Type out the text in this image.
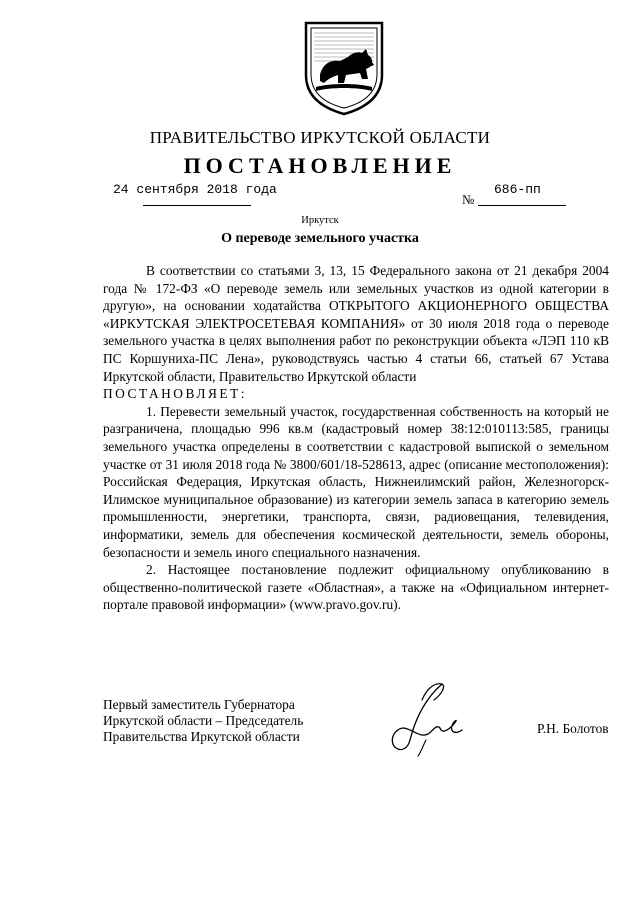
ПРАВИТЕЛЬСТВО ИРКУТСКОЙ ОБЛАСТИ
ПОСТАНОВЛЕНИЕ
24 сентября 2018 года
№
686-пп
Иркутск
О переводе земельного участка

В соответствии со статьями 3, 13, 15 Федерального закона от 21 декабря 2004 года № 172-ФЗ «О переводе земель или земельных участков из одной категории в другую», на основании ходатайства ОТКРЫТОГО АКЦИОНЕРНОГО ОБЩЕСТВА «ИРКУТСКАЯ ЭЛЕКТРОСЕТЕВАЯ КОМПАНИЯ» от 30 июля 2018 года о переводе земельного участка в целях выполнения работ по реконструкции объекта «ЛЭП 110 кВ ПС Коршуниха-ПС Лена», руководствуясь частью 4 статьи 66, статьей 67 Устава Иркутской области, Правительство Иркутской области

ПОСТАНОВЛЯЕТ:

1. Перевести земельный участок, государственная собственность на который не разграничена, площадью 996 кв.м (кадастровый номер 38:12:010113:585, границы земельного участка определены в соответствии с кадастровой выпиской о земельном участке от 31 июля 2018 года № 3800/601/18-528613, адрес (описание местоположения): Российская Федерация, Иркутская область, Нижнеилимский район, Железногорск-Илимское муниципальное образование) из категории земель запаса в категорию земель промышленности, энергетики, транспорта, связи, радиовещания, телевидения, информатики, земель для обеспечения космической деятельности, земель обороны, безопасности и земель иного специального назначения.

2. Настоящее постановление подлежит официальному опубликованию в общественно-политической газете «Областная», а также на «Официальном интернет-портале правовой информации» (www.pravo.gov.ru).

Первый заместитель Губернатора
Иркутской области – Председатель
Правительства Иркутской области
Р.Н. Болотов
